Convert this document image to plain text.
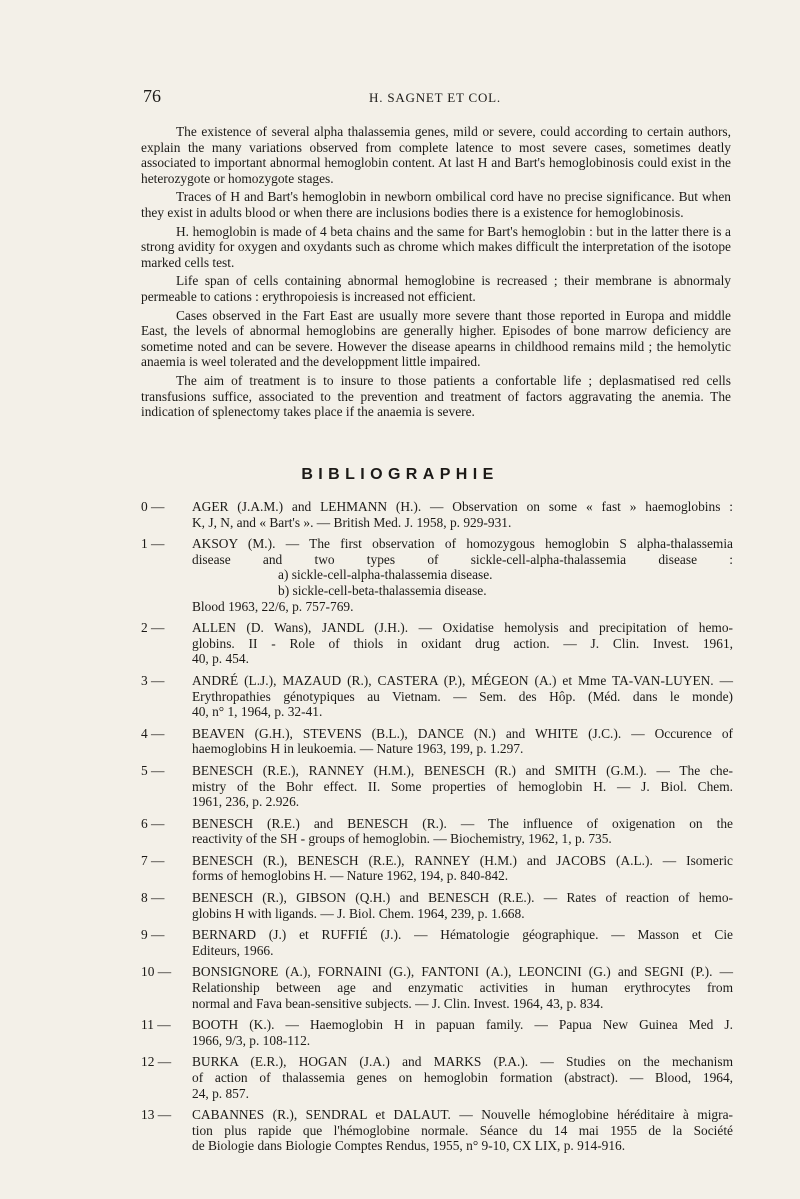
76	H. SAGNET ET COL.

The existence of several alpha thalassemia genes, mild or severe, could according to certain authors, explain the many variations observed from complete latence to most severe cases, sometimes deatly associated to important abnormal hemoglobin content. At last H and Bart's hemoglobinosis could exist in the heterozygote or homozygote stages.

Traces of H and Bart's hemoglobin in newborn ombilical cord have no precise significance. But when they exist in adults blood or when there are inclusions bodies there is a existence for hemoglobinosis.

H. hemoglobin is made of 4 beta chains and the same for Bart's hemoglobin : but in the latter there is a strong avidity for oxygen and oxydants such as chrome which makes difficult the interpretation of the isotope marked cells test.

Life span of cells containing abnormal hemoglobine is recreased ; their membrane is abnormaly permeable to cations : erythropoiesis is increased not efficient.

Cases observed in the Fart East are usually more severe thant those reported in Europa and middle East, the levels of abnormal hemoglobins are generally higher. Episodes of bone marrow deficiency are sometime noted and can be severe. However the disease apearns in childhood remains mild ; the hemolytic anaemia is weel tolerated and the developpment little impaired.

The aim of treatment is to insure to those patients a confortable life ; deplasmatised red cells transfusions suffice, associated to the prevention and treatment of factors aggravating the anemia. The indication of splenectomy takes place if the anaemia is severe.

BIBLIOGRAPHIE
0 —	AGER (J.A.M.) and LEHMANN (H.). — Observation on some « fast » haemoglobins :
K, J, N, and « Bart's ». — British Med. J. 1958, p. 929-931.
1 —	AKSOY (M.). — The first observation of homozygous hemoglobin S alpha-thalassemia
disease and two types of sickle-cell-alpha-thalassemia disease :
a) sickle-cell-alpha-thalassemia disease.
b) sickle-cell-beta-thalassemia disease.
Blood 1963, 22/6, p. 757-769.
2 —	ALLEN (D. Wans), JANDL (J.H.). — Oxidatise hemolysis and precipitation of hemo-
globins. II - Role of thiols in oxidant drug action. — J. Clin. Invest. 1961,
40, p. 454.
3 —	ANDRÉ (L.J.), MAZAUD (R.), CASTERA (P.), MÉGEON (A.) et Mme TA-VAN-LUYEN. —
Erythropathies génotypiques au Vietnam. — Sem. des Hôp. (Méd. dans le monde)
40, n° 1, 1964, p. 32-41.
4 —	BEAVEN (G.H.), STEVENS (B.L.), DANCE (N.) and WHITE (J.C.). — Occurence of
haemoglobins H in leukoemia. — Nature 1963, 199, p. 1.297.
5 —	BENESCH (R.E.), RANNEY (H.M.), BENESCH (R.) and SMITH (G.M.). — The che-
mistry of the Bohr effect. II. Some properties of hemoglobin H. — J. Biol. Chem.
1961, 236, p. 2.926.
6 —	BENESCH (R.E.) and BENESCH (R.). — The influence of oxigenation on the
reactivity of the SH - groups of hemoglobin. — Biochemistry, 1962, 1, p. 735.
7 —	BENESCH (R.), BENESCH (R.E.), RANNEY (H.M.) and JACOBS (A.L.). — Isomeric
forms of hemoglobins H. — Nature 1962, 194, p. 840-842.
8 —	BENESCH (R.), GIBSON (Q.H.) and BENESCH (R.E.). — Rates of reaction of hemo-
globins H with ligands. — J. Biol. Chem. 1964, 239, p. 1.668.
9 —	BERNARD (J.) et RUFFIÉ (J.). — Hématologie géographique. — Masson et Cie
Editeurs, 1966.
10 —	BONSIGNORE (A.), FORNAINI (G.), FANTONI (A.), LEONCINI (G.) and SEGNI (P.). —
Relationship between age and enzymatic activities in human erythrocytes from
normal and Fava bean-sensitive subjects. — J. Clin. Invest. 1964, 43, p. 834.
11 —	BOOTH (K.). — Haemoglobin H in papuan family. — Papua New Guinea Med J.
1966, 9/3, p. 108-112.
12 —	BURKA (E.R.), HOGAN (J.A.) and MARKS (P.A.). — Studies on the mechanism
of action of thalassemia genes on hemoglobin formation (abstract). — Blood, 1964,
24, p. 857.
13 —	CABANNES (R.), SENDRAL et DALAUT. — Nouvelle hémoglobine héréditaire à migra-
tion plus rapide que l'hémoglobine normale. Séance du 14 mai 1955 de la Société
de Biologie dans Biologie Comptes Rendus, 1955, n° 9-10, CX LIX, p. 914-916.
